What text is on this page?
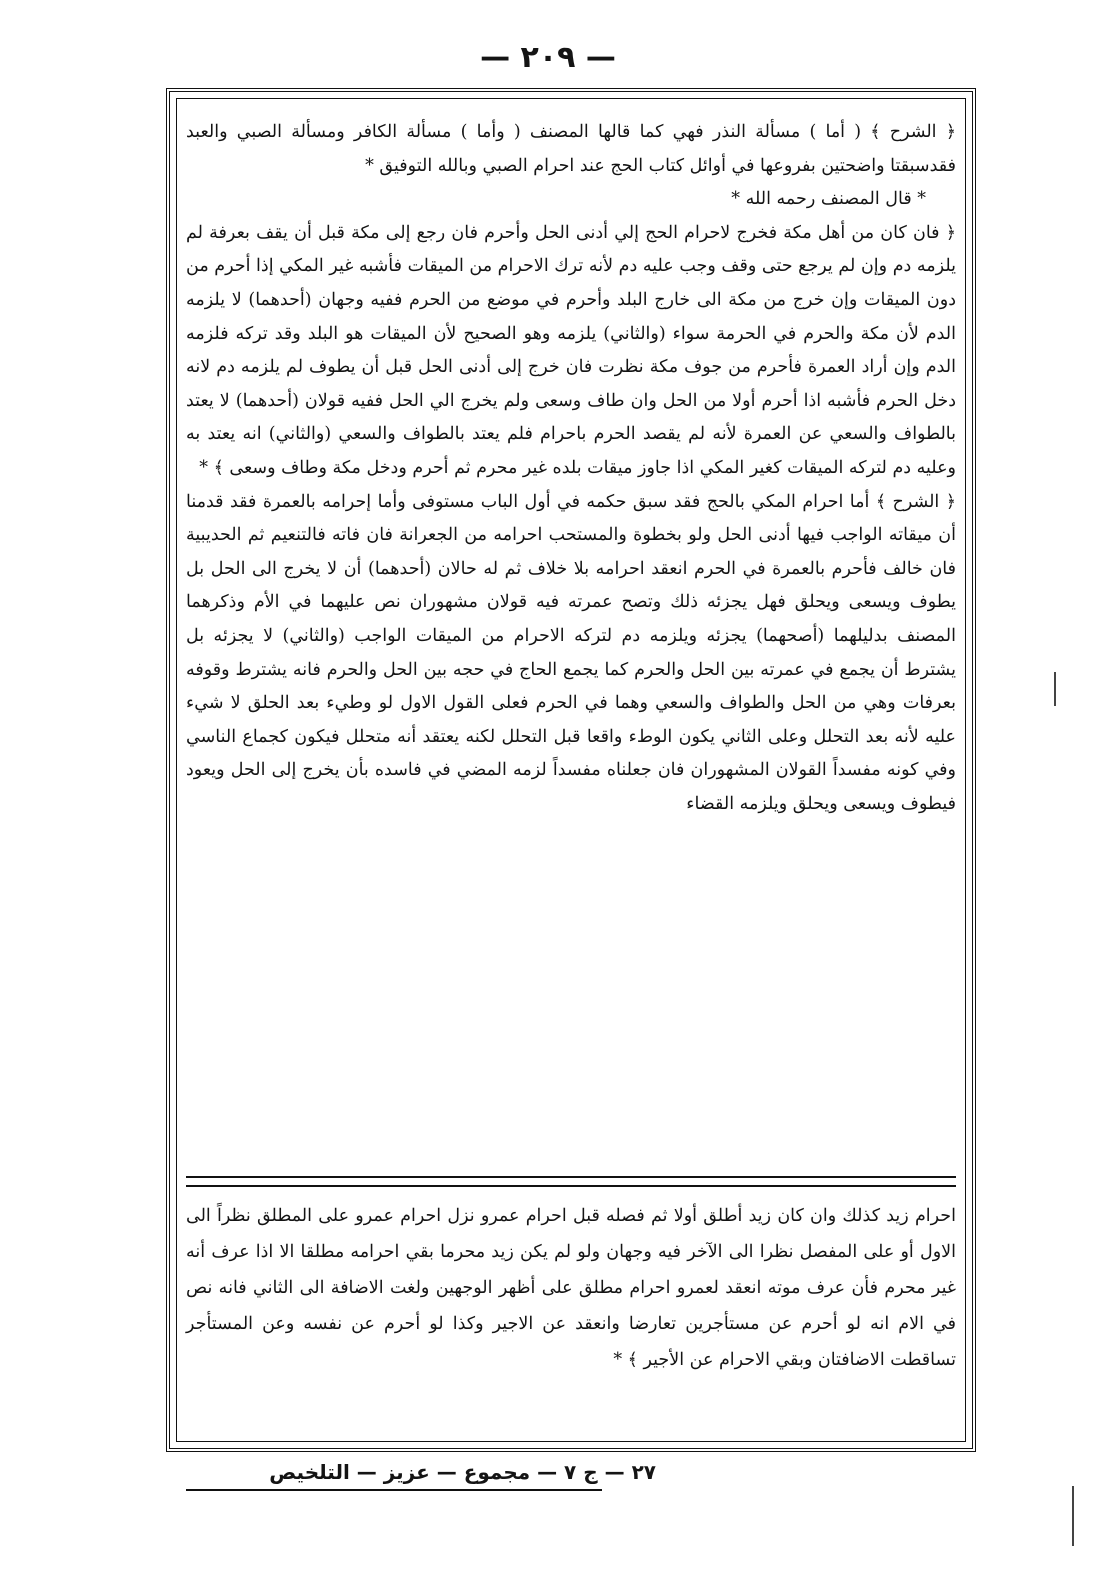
— ٢٠٩ —

﴿ الشرح ﴾ ( أما ) مسألة النذر فهي كما قالها المصنف ( وأما ) مسألة الكافر ومسألة الصبي والعبد فقدسبقتا واضحتين بفروعها في أوائل كتاب الحج عند احرام الصبي وبالله التوفيق *

* قال المصنف رحمه الله *

﴿ فان كان من أهل مكة فخرج لاحرام الحج إلي أدنى الحل وأحرم فان رجع إلى مكة قبل أن يقف بعرفة لم يلزمه دم وإن لم يرجع حتى وقف وجب عليه دم لأنه ترك الاحرام من الميقات فأشبه غير المكي إذا أحرم من دون الميقات وإن خرج من مكة الى خارج البلد وأحرم في موضع من الحرم ففيه وجهان (أحدهما) لا يلزمه الدم لأن مكة والحرم في الحرمة سواء (والثاني) يلزمه وهو الصحيح لأن الميقات هو البلد وقد تركه فلزمه الدم وإن أراد العمرة فأحرم من جوف مكة نظرت فان خرج إلى أدنى الحل قبل أن يطوف لم يلزمه دم لانه دخل الحرم فأشبه اذا أحرم أولا من الحل وان طاف وسعى ولم يخرج الي الحل ففيه قولان (أحدهما) لا يعتد بالطواف والسعي عن العمرة لأنه لم يقصد الحرم باحرام فلم يعتد بالطواف والسعي (والثاني) انه يعتد به وعليه دم لتركه الميقات كغير المكي اذا جاوز ميقات بلده غير محرم ثم أحرم ودخل مكة وطاف وسعى ﴾ *

﴿ الشرح ﴾ أما احرام المكي بالحج فقد سبق حكمه في أول الباب مستوفى وأما إحرامه بالعمرة فقد قدمنا أن ميقاته الواجب فيها أدنى الحل ولو بخطوة والمستحب احرامه من الجعرانة فان فاته فالتنعيم ثم الحديبية فان خالف فأحرم بالعمرة في الحرم انعقد احرامه بلا خلاف ثم له حالان (أحدهما) أن لا يخرج الى الحل بل يطوف ويسعى ويحلق فهل يجزئه ذلك وتصح عمرته فيه قولان مشهوران نص عليهما في الأم وذكرهما المصنف بدليلهما (أصحهما) يجزئه ويلزمه دم لتركه الاحرام من الميقات الواجب (والثاني) لا يجزئه بل يشترط أن يجمع في عمرته بين الحل والحرم كما يجمع الحاج في حجه بين الحل والحرم فانه يشترط وقوفه بعرفات وهي من الحل والطواف والسعي وهما في الحرم فعلى القول الاول لو وطيء بعد الحلق لا شيء عليه لأنه بعد التحلل وعلى الثاني يكون الوطء واقعا قبل التحلل لكنه يعتقد أنه متحلل فيكون كجماع الناسي وفي كونه مفسداً القولان المشهوران فان جعلناه مفسداً لزمه المضي في فاسده بأن يخرج إلى الحل ويعود فيطوف ويسعى ويحلق ويلزمه القضاء

احرام زيد كذلك وان كان زيد أطلق أولا ثم فصله قبل احرام عمرو نزل احرام عمرو على المطلق نظراً الى الاول أو على المفصل نظرا الى الآخر فيه وجهان ولو لم يكن زيد محرما بقي احرامه مطلقا الا اذا عرف أنه غير محرم فأن عرف موته انعقد لعمرو احرام مطلق على أظهر الوجهين ولغت الاضافة الى الثاني فانه نص في الام انه لو أحرم عن مستأجرين تعارضا وانعقد عن الاجير وكذا لو أحرم عن نفسه وعن المستأجر تساقطت الاضافتان وبقي الاحرام عن الأجير ﴾ *

٢٧ — ج ٧ — مجموع — عزيز — التلخيص
